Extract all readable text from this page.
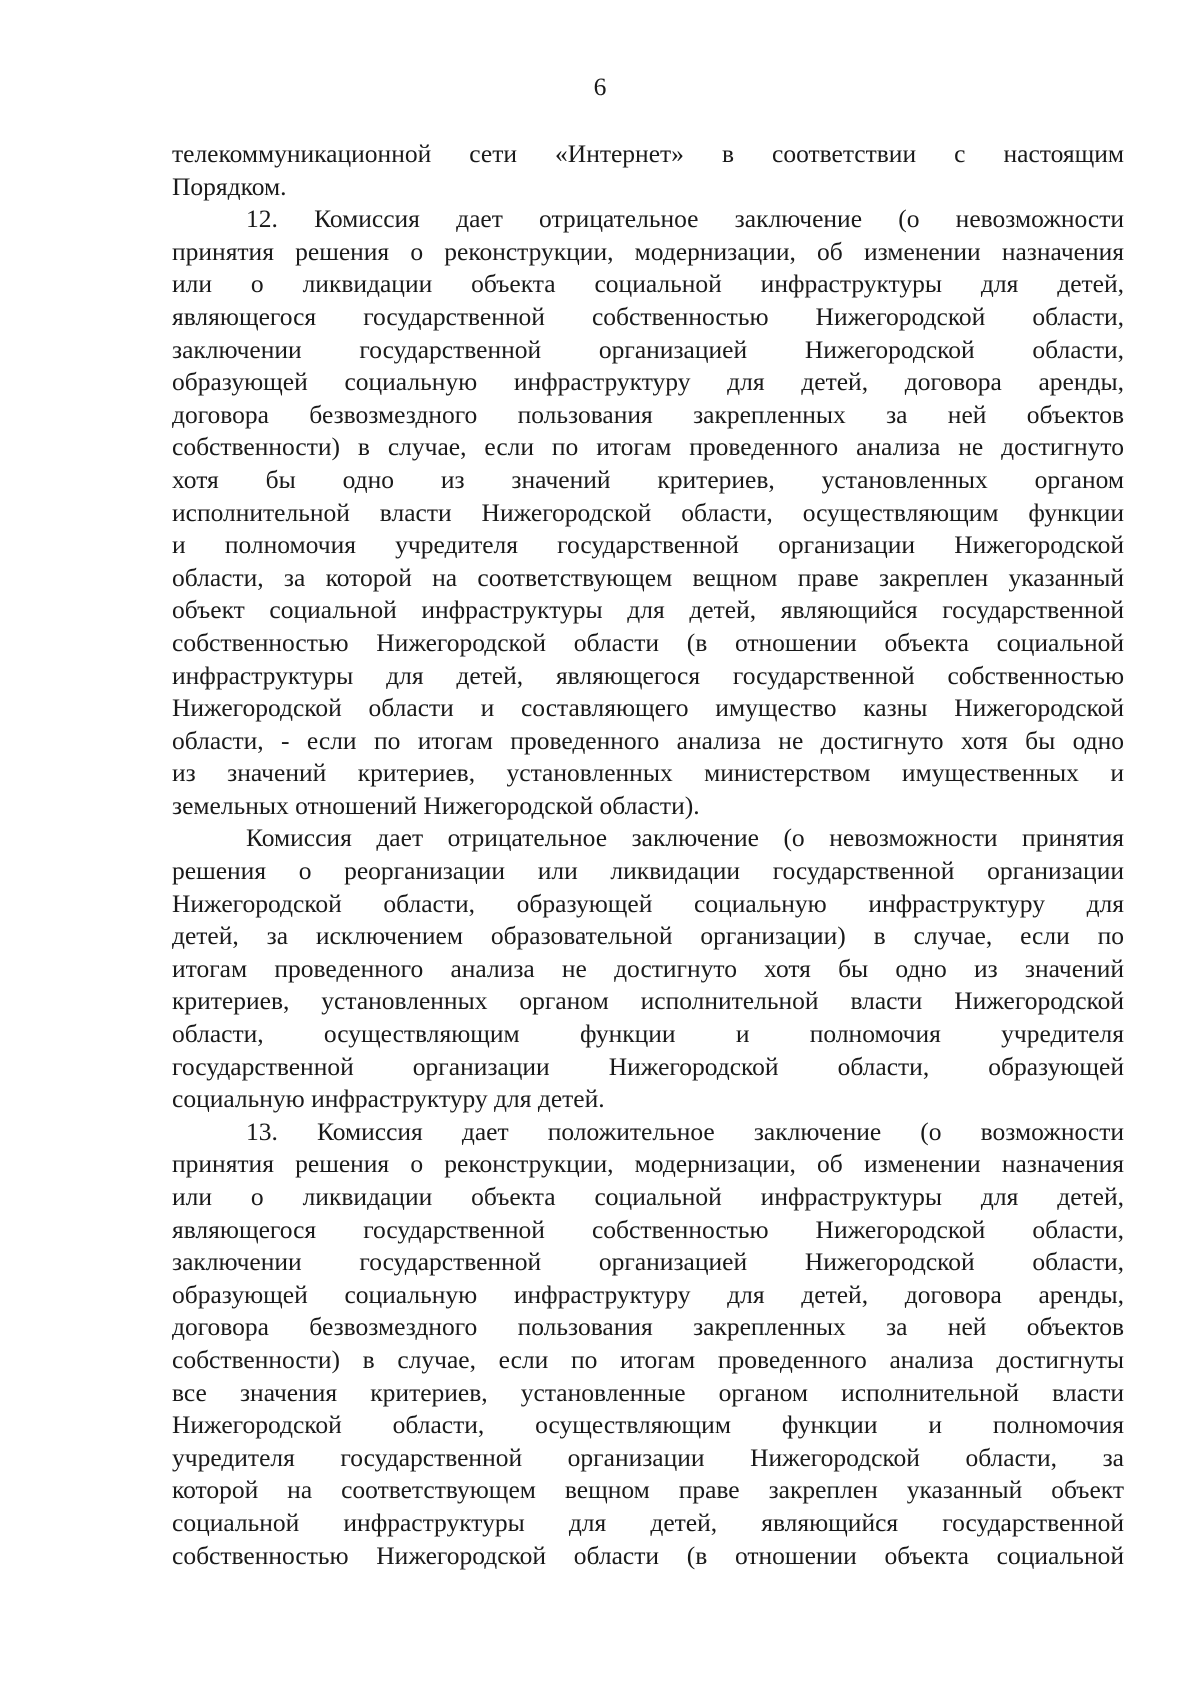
6
телекоммуникационной сети «Интернет» в соответствии с настоящим
Порядком.
12. Комиссия дает отрицательное заключение (о невозможности
принятия решения о реконструкции, модернизации, об изменении назначения
или о ликвидации объекта социальной инфраструктуры для детей,
являющегося государственной собственностью Нижегородской области,
заключении государственной организацией Нижегородской области,
образующей социальную инфраструктуру для детей, договора аренды,
договора безвозмездного пользования закрепленных за ней объектов
собственности) в случае, если по итогам проведенного анализа не достигнуто
хотя бы одно из значений критериев, установленных органом
исполнительной власти Нижегородской области, осуществляющим функции
и полномочия учредителя государственной организации Нижегородской
области, за которой на соответствующем вещном праве закреплен указанный
объект социальной инфраструктуры для детей, являющийся государственной
собственностью Нижегородской области (в отношении объекта социальной
инфраструктуры для детей, являющегося государственной собственностью
Нижегородской области и составляющего имущество казны Нижегородской
области, - если по итогам проведенного анализа не достигнуто хотя бы одно
из значений критериев, установленных министерством имущественных и
земельных отношений Нижегородской области).
Комиссия дает отрицательное заключение (о невозможности принятия
решения о реорганизации или ликвидации государственной организации
Нижегородской области, образующей социальную инфраструктуру для
детей, за исключением образовательной организации) в случае, если по
итогам проведенного анализа не достигнуто хотя бы одно из значений
критериев, установленных органом исполнительной власти Нижегородской
области, осуществляющим функции и полномочия учредителя
государственной организации Нижегородской области, образующей
социальную инфраструктуру для детей.
13. Комиссия дает положительное заключение (о возможности
принятия решения о реконструкции, модернизации, об изменении назначения
или о ликвидации объекта социальной инфраструктуры для детей,
являющегося государственной собственностью Нижегородской области,
заключении государственной организацией Нижегородской области,
образующей социальную инфраструктуру для детей, договора аренды,
договора безвозмездного пользования закрепленных за ней объектов
собственности) в случае, если по итогам проведенного анализа достигнуты
все значения критериев, установленные органом исполнительной власти
Нижегородской области, осуществляющим функции и полномочия
учредителя государственной организации Нижегородской области, за
которой на соответствующем вещном праве закреплен указанный объект
социальной инфраструктуры для детей, являющийся государственной
собственностью Нижегородской области (в отношении объекта социальной
